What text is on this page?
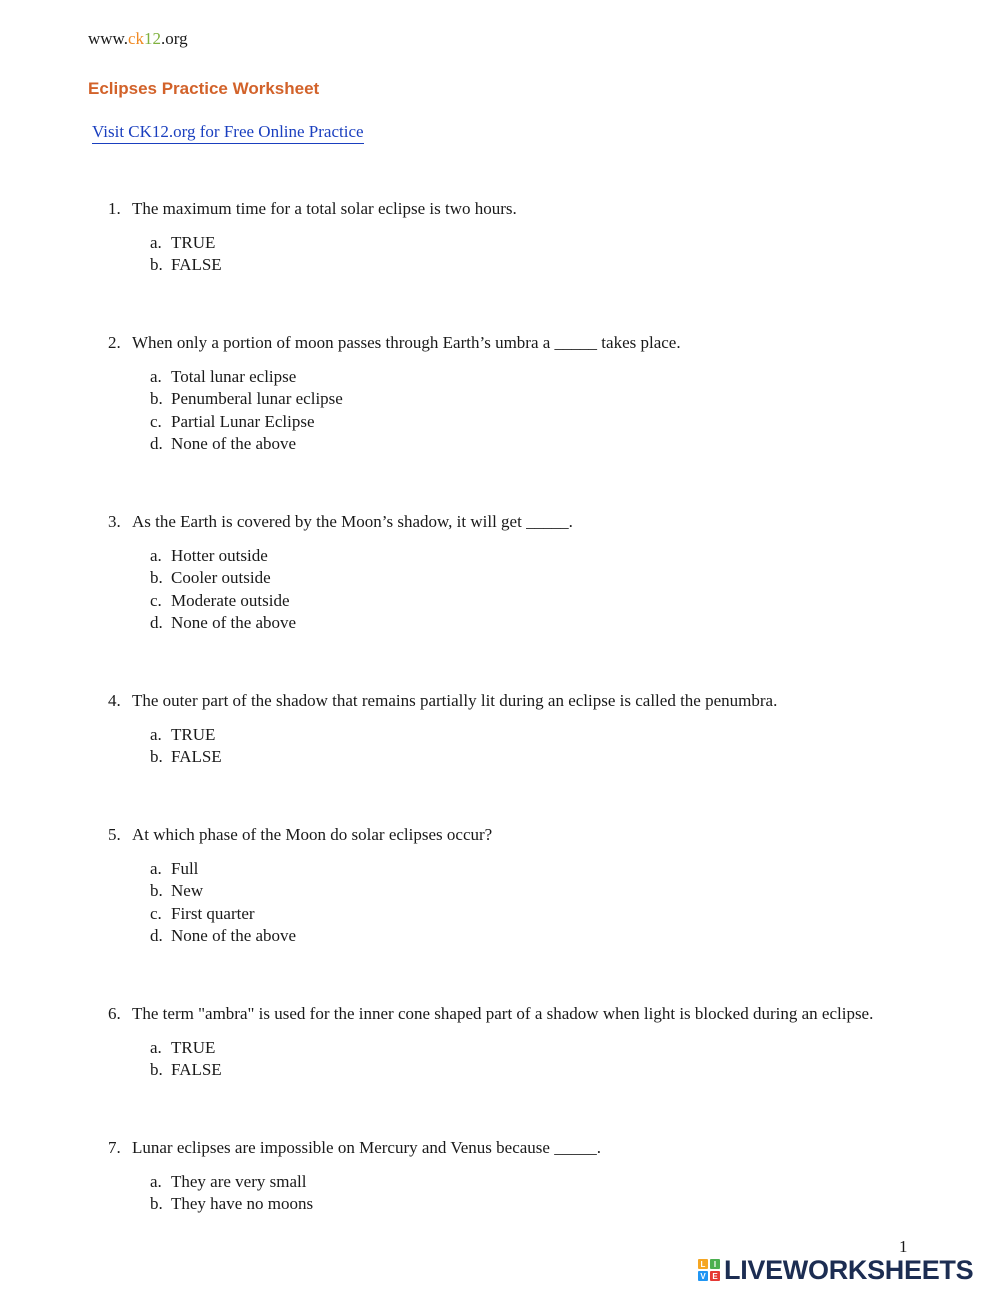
www.ck12.org
Eclipses Practice Worksheet
Visit CK12.org for Free Online Practice
1. The maximum time for a total solar eclipse is two hours.
a. TRUE
b. FALSE
2. When only a portion of moon passes through Earth’s umbra a _____ takes place.
a. Total lunar eclipse
b. Penumberal lunar eclipse
c. Partial Lunar Eclipse
d. None of the above
3. As the Earth is covered by the Moon’s shadow, it will get _____.
a. Hotter outside
b. Cooler outside
c. Moderate outside
d. None of the above
4. The outer part of the shadow that remains partially lit during an eclipse is called the penumbra.
a. TRUE
b. FALSE
5. At which phase of the Moon do solar eclipses occur?
a. Full
b. New
c. First quarter
d. None of the above
6. The term "ambra" is used for the inner cone shaped part of a shadow when light is blocked during an eclipse.
a. TRUE
b. FALSE
7. Lunar eclipses are impossible on Mercury and Venus because _____.
a. They are very small
b. They have no moons
1
L	I
V E LIVEWORKSHEETS
